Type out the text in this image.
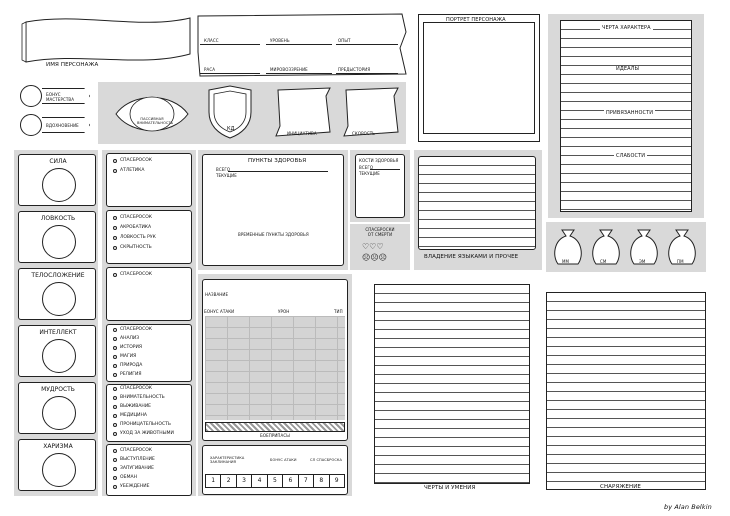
ИМЯ ПЕРСОНАЖА
КЛАСС	УРОВЕНЬ	ОПЫТ
РАСА	МИРОВОЗЗРЕНИЕ	ПРЕДЫСТОРИЯ
ПОРТРЕТ ПЕРСОНАЖА
ЧЕРТА ХАРАКТЕРА
ИДЕАЛЫ
ПРИВЯЗАННОСТИ
СЛАБОСТИ
БОНУС МАСТЕРСТВА
ВДОХНОВЕНИЕ
ПАССИВНАЯ ВНИМАТЕЛЬНОСТЬ
КД
ИНИЦИАТИВА	СКОРОСТЬ
СИЛА
ЛОВКОСТЬ
ТЕЛОСЛОЖЕНИЕ
ИНТЕЛЛЕКТ
МУДРОСТЬ
ХАРИЗМА
СПАСБРОСОК
АТЛЕТИКА
СПАСБРОСОК
АКРОБАТИКА
ЛОВКОСТЬ РУК
СКРЫТНОСТЬ
СПАСБРОСОК
СПАСБРОСОК
АНАЛИЗ
ИСТОРИЯ
МАГИЯ
ПРИРОДА
РЕЛИГИЯ
СПАСБРОСОК
ВНИМАТЕЛЬНОСТЬ
ВЫЖИВАНИЕ
МЕДИЦИНА
ПРОНИЦАТЕЛЬНОСТЬ
УХОД ЗА ЖИВОТНЫМИ
СПАСБРОСОК
ВЫСТУПЛЕНИЕ
ЗАПУГИВАНИЕ
ОБМАН
УБЕЖДЕНИЕ
ПУНКТЫ ЗДОРОВЬЯ
ВСЕГО
ТЕКУЩИЕ
ВРЕМЕННЫЕ ПУНКТЫ ЗДОРОВЬЯ
КОСТИ ЗДОРОВЬЯ
ВСЕГО
ТЕКУЩИЕ
СПАСБРОСКИ ОТ СМЕРТИ
♡♡♡
☹☹☹
НАЗВАНИЕ
БОНУС АТАКИ	УРОН	ТИП
БОЕПРИПАСЫ
ХАРАКТЕРИСТИКА ЗАКЛИНАНИЯ	БОНУС АТАКИ	СЛ СПАСБРОСКА
1	2	3	4	5	6	7	8	9
ВЛАДЕНИЕ ЯЗЫКАМИ И ПРОЧЕЕ
ММ	СМ	ЭМ	ПМ
ЧЕРТЫ И УМЕНИЯ	СНАРЯЖЕНИЕ
by Alan Belkin
